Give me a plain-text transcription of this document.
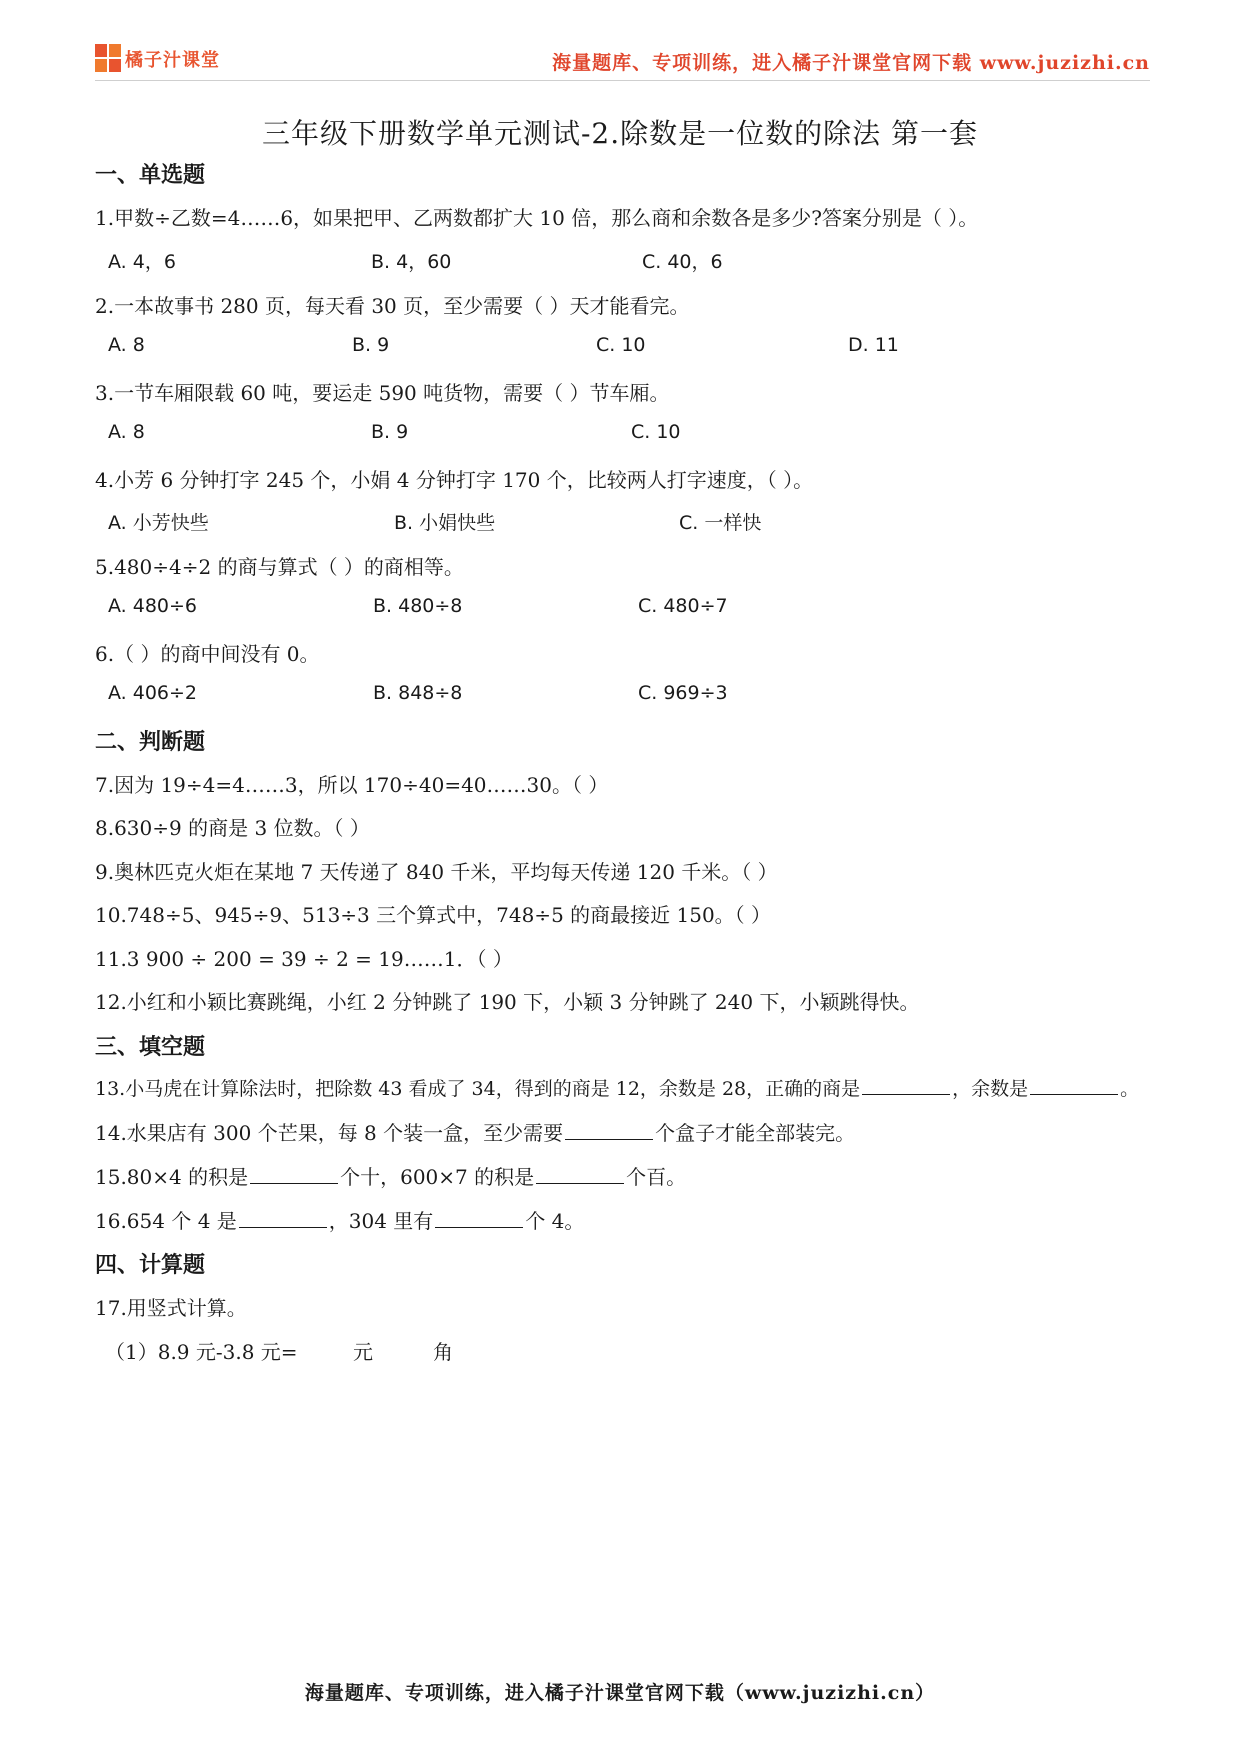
橘子汁课堂	海量题库、专项训练，进入橘子汁课堂官网下载 www.juzizhi.cn
三年级下册数学单元测试-2.除数是一位数的除法 第一套
一、单选题
1.甲数÷乙数=4……6，如果把甲、乙两数都扩大 10 倍，那么商和余数各是多少?答案分别是（ ）。
A. 4，6	B. 4，60	C. 40，6
2.一本故事书 280 页，每天看 30 页，至少需要（ ）天才能看完。
A. 8	B. 9	C. 10	D. 11
3.一节车厢限载 60 吨，要运走 590 吨货物，需要（ ）节车厢。
A. 8	B. 9	C. 10
4.小芳 6 分钟打字 245 个，小娟 4 分钟打字 170 个，比较两人打字速度，（ ）。
A. 小芳快些	B. 小娟快些	C. 一样快
5.480÷4÷2 的商与算式（ ）的商相等。
A. 480÷6	B. 480÷8	C. 480÷7
6.（ ）的商中间没有 0。
A. 406÷2	B. 848÷8	C. 969÷3
二、判断题
7.因为 19÷4=4……3，所以 170÷40=40……30。（ ）
8.630÷9 的商是 3 位数。（ ）
9.奥林匹克火炬在某地 7 天传递了 840 千米，平均每天传递 120 千米。（ ）
10.748÷5、945÷9、513÷3 三个算式中，748÷5 的商最接近 150。（ ）
11.3 900 ÷ 200 = 39 ÷ 2 = 19……1．（ ）
12.小红和小颖比赛跳绳，小红 2 分钟跳了 190 下，小颖 3 分钟跳了 240 下，小颖跳得快。
三、填空题
13.小马虎在计算除法时，把除数 43 看成了 34，得到的商是 12，余数是 28，正确的商是	，余数是	。
14.水果店有 300 个芒果，每 8 个装一盒，至少需要	个盒子才能全部装完。
15.80×4 的积是	个十，600×7 的积是	个百。
16.654 个 4 是	，304 里有	个 4。
四、计算题
17.用竖式计算。
（1）8.9 元-3.8 元=	元	角
海量题库、专项训练，进入橘子汁课堂官网下载（www.juzizhi.cn）
